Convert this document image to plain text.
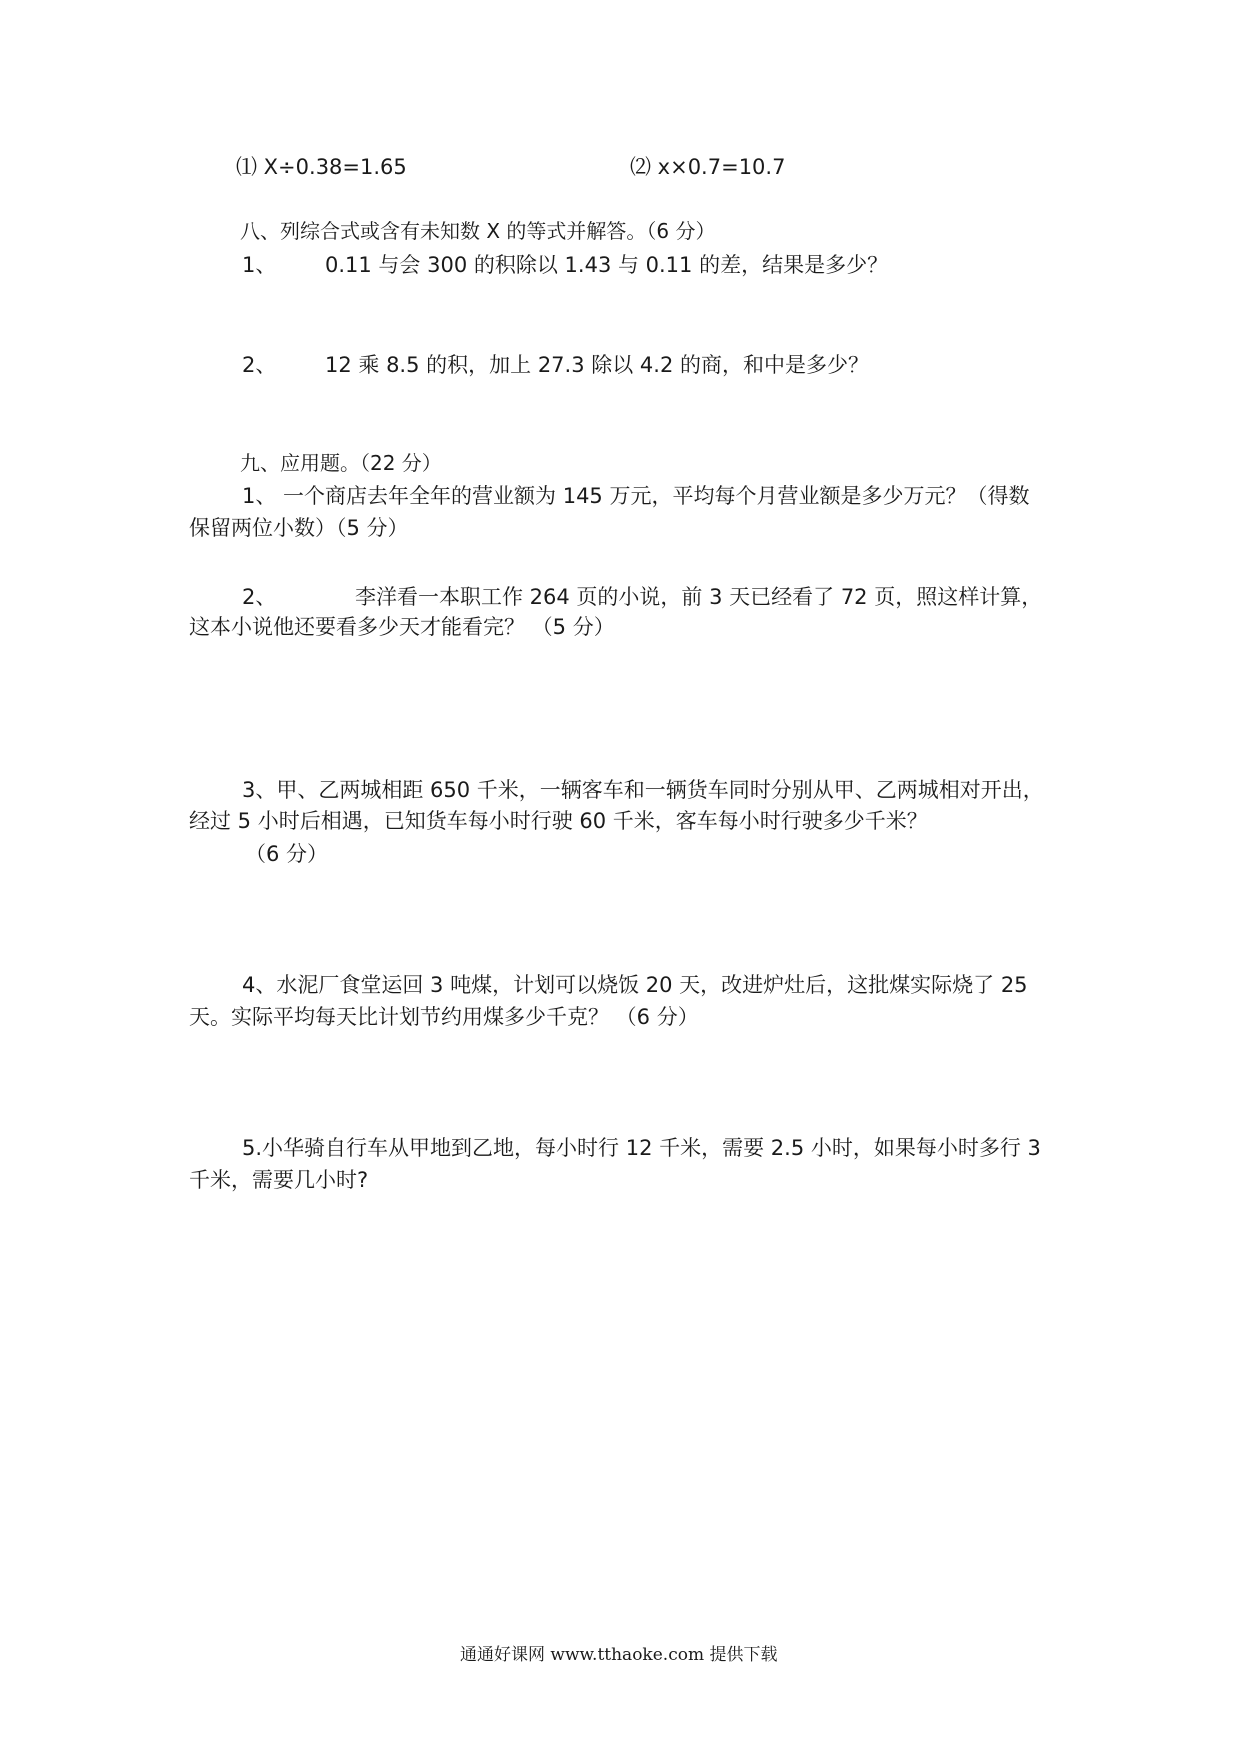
⑴ X÷0.38=1.65	⑵ x×0.7=10.7
八、列综合式或含有未知数 X 的等式并解答。（6 分）
1、 0.11 与会 300 的积除以 1.43 与 0.11 的差，结果是多少？
2、 12 乘 8.5 的积，加上 27.3 除以 4.2 的商，和中是多少？
九、应用题。（22 分）
1、 一个商店去年全年的营业额为 145 万元，平均每个月营业额是多少万元？（得数
保留两位小数）（5 分）
2、	李洋看一本职工作 264 页的小说，前 3 天已经看了 72 页，照这样计算，
这本小说他还要看多少天才能看完？ （5 分）
3、甲、乙两城相距 650 千米，一辆客车和一辆货车同时分别从甲、乙两城相对开出，
经过 5 小时后相遇，已知货车每小时行驶 60 千米，客车每小时行驶多少千米？
（6 分）
4、水泥厂食堂运回 3 吨煤，计划可以烧饭 20 天，改进炉灶后，这批煤实际烧了 25
天。实际平均每天比计划节约用煤多少千克？ （6 分）
5.小华骑自行车从甲地到乙地，每小时行 12 千米，需要 2.5 小时，如果每小时多行 3
千米，需要几小时?
通通好课网 www.tthaoke.com 提供下载
